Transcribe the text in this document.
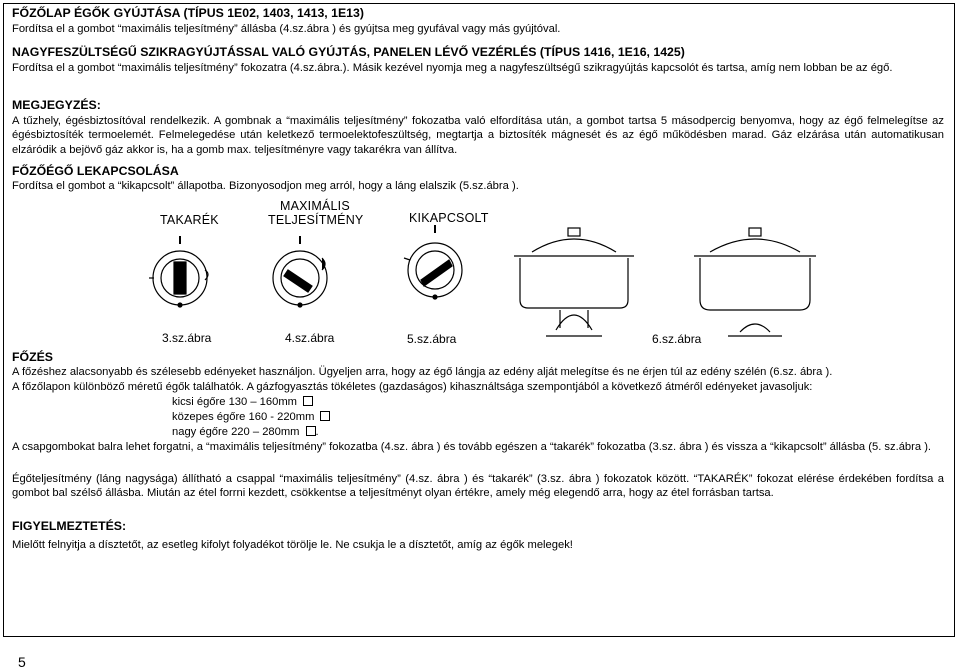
FŐZŐLAP ÉGŐK GYÚJTÁSA (TÍPUS 1E02, 1403, 1413, 1E13)

Fordítsa el a gombot “maximális teljesítmény” állásba (4.sz.ábra ) és gyújtsa meg gyufával vagy más gyújtóval.

NAGYFESZÜLTSÉGŰ SZIKRAGYÚJTÁSSAL VALÓ GYÚJTÁS, PANELEN LÉVŐ VEZÉRLÉS (TÍPUS 1416, 1E16, 1425)

Fordítsa el a gombot “maximális teljesítmény” fokozatra (4.sz.ábra.). Másik kezével nyomja meg a nagyfeszültségű szikragyújtás kapcsolót és tartsa, amíg nem lobban be az égő.

MEGJEGYZÉS:

A tűzhely, égésbiztosítóval rendelkezik. A gombnak a “maximális teljesítmény” fokozatba való elfordítása után, a gombot tartsa 5 másodpercig benyomva, hogy az égő felmelegítse az égésbiztosíték termoelemét. Felmelegedése után keletkező termoelektofeszültség, megtartja a biztosíték mágnesét és az égő működésben marad. Gáz elzárása után automatikusan elzáródik a bejövő gáz akkor is, ha a gomb max. teljesítményre vagy takarékra van állítva.

FŐZŐÉGŐ LEKAPCSOLÁSA

Fordítsa el gombot a “kikapcsolt” állapotba. Bizonyosodjon meg arról, hogy a láng elalszik (5.sz.ábra ).

TAKARÉK
MAXIMÁLIS
TELJESÍTMÉNY	KIKAPCSOLT
3.sz.ábra	4.sz.ábra	5.sz.ábra	6.sz.ábra

FŐZÉS

A főzéshez alacsonyabb és szélesebb edényeket használjon. Ügyeljen arra, hogy az égő lángja az edény alját melegítse és ne érjen túl az edény szélén (6.sz. ábra ).

A főzőlapon különböző méretű égők találhatók. A gázfogyasztás tökéletes (gazdaságos) kihasználtsága szempontjából a következő átméről edényeket javasoljuk:

kicsi égőre 130 – 160mm
közepes égőre 160 - 220mm
nagy égőre 220 – 280mm .

A csapgombokat balra lehet forgatni, a “maximális teljesítmény” fokozatba (4.sz. ábra ) és tovább egészen a “takarék” fokozatba (3.sz. ábra ) és vissza a “kikapcsolt” állásba (5. sz.ábra ).

Égőteljesítmény (láng nagysága) állítható a csappal “maximális teljesítmény” (4.sz. ábra ) és “takarék” (3.sz. ábra ) fokozatok között. “TAKARÉK” fokozat elérése érdekében fordítsa a gombot bal szélső állásba. Miután az étel forrni kezdett, csökkentse a teljesítményt olyan értékre, amely még elegendő arra, hogy az étel forrásban tartsa.

FIGYELMEZTETÉS:

Mielőtt felnyitja a dísztetőt, az esetleg kifolyt folyadékot törölje le. Ne csukja le a dísztetőt, amíg az égők melegek!

5
